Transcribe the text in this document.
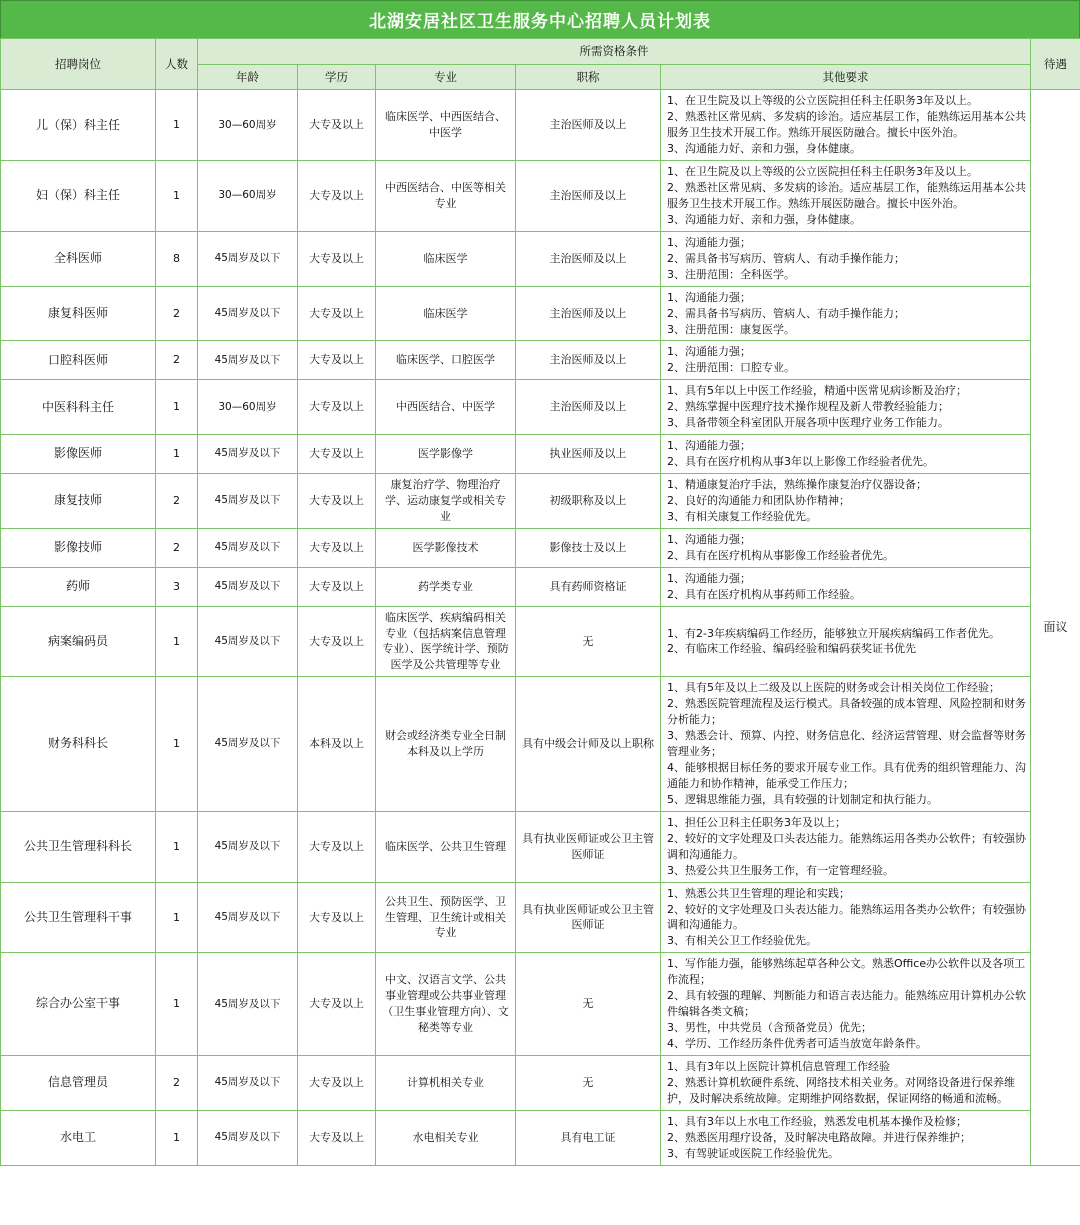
北湖安居社区卫生服务中心招聘人员计划表
招聘岗位	人数	所需资格条件					待遇
		年龄	学历	专业	职称	其他要求	
儿（保）科主任	1	30—60周岁	大专及以上	临床医学、中西医结合、中医学	主治医师及以上	1、在卫生院及以上等级的公立医院担任科主任职务3年及以上。
2、熟悉社区常见病、多发病的诊治。适应基层工作，能熟练运用基本公共服务卫生技术开展工作。熟练开展医防融合。擅长中医外治。
3、沟通能力好、亲和力强，身体健康。	面议
妇（保）科主任	1	30—60周岁	大专及以上	中西医结合、中医等相关专业	主治医师及以上	1、在卫生院及以上等级的公立医院担任科主任职务3年及以上。
2、熟悉社区常见病、多发病的诊治。适应基层工作，能熟练运用基本公共服务卫生技术开展工作。熟练开展医防融合。擅长中医外治。
3、沟通能力好、亲和力强，身体健康。	

全科医师	8	45周岁及以下	大专及以上	临床医学	主治医师及以上	1、沟通能力强；
2、需具备书写病历、管病人、有动手操作能力；
3、注册范围：全科医学。	

康复科医师	2	45周岁及以下	大专及以上	临床医学	主治医师及以上	1、沟通能力强；
2、需具备书写病历、管病人、有动手操作能力；
3、注册范围：康复医学。	

口腔科医师	2	45周岁及以下	大专及以上	临床医学、口腔医学	主治医师及以上	1、沟通能力强；
2、注册范围：口腔专业。	

中医科科主任	1	30—60周岁	大专及以上	中西医结合、中医学	主治医师及以上	1、具有5年以上中医工作经验，精通中医常见病诊断及治疗；
2、熟练掌握中医理疗技术操作规程及新人带教经验能力；
3、具备带领全科室团队开展各项中医理疗业务工作能力。	

影像医师	1	45周岁及以下	大专及以上	医学影像学	执业医师及以上	1、沟通能力强；
2、具有在医疗机构从事3年以上影像工作经验者优先。	

康复技师	2	45周岁及以下	大专及以上	康复治疗学、物理治疗学、运动康复学或相关专业	初级职称及以上	1、精通康复治疗手法，熟练操作康复治疗仪器设备；
2、良好的沟通能力和团队协作精神；
3、有相关康复工作经验优先。	

影像技师	2	45周岁及以下	大专及以上	医学影像技术	影像技士及以上	1、沟通能力强；
2、具有在医疗机构从事影像工作经验者优先。	

药师	3	45周岁及以下	大专及以上	药学类专业	具有药师资格证	1、沟通能力强；
2、具有在医疗机构从事药师工作经验。	

病案编码员	1	45周岁及以下	大专及以上	临床医学、疾病编码相关专业（包括病案信息管理专业）、医学统计学、预防医学及公共管理等专业	无	1、有2-3年疾病编码工作经历，能够独立开展疾病编码工作者优先。
2、有临床工作经验、编码经验和编码获奖证书优先	

财务科科长	1	45周岁及以下	本科及以上	财会或经济类专业全日制本科及以上学历	具有中级会计师及以上职称	1、具有5年及以上二级及以上医院的财务或会计相关岗位工作经验；
2、熟悉医院管理流程及运行模式。具备较强的成本管理、风险控制和财务分析能力；
3、熟悉会计、预算、内控、财务信息化、经济运营管理、财会监督等财务管理业务；
4、能够根据目标任务的要求开展专业工作。具有优秀的组织管理能力、沟通能力和协作精神，能承受工作压力；
5、逻辑思维能力强，具有较强的计划制定和执行能力。	

公共卫生管理科科长	1	45周岁及以下	大专及以上	临床医学、公共卫生管理	具有执业医师证或公卫主管医师证	1、担任公卫科主任职务3年及以上；
2、较好的文字处理及口头表达能力。能熟练运用各类办公软件；有较强协调和沟通能力。
3、热爱公共卫生服务工作，有一定管理经验。	

公共卫生管理科干事	1	45周岁及以下	大专及以上	公共卫生、预防医学、卫生管理、卫生统计或相关专业	具有执业医师证或公卫主管医师证	1、熟悉公共卫生管理的理论和实践；
2、较好的文字处理及口头表达能力。能熟练运用各类办公软件；有较强协调和沟通能力。
3、有相关公卫工作经验优先。	

综合办公室干事	1	45周岁及以下	大专及以上	中文、汉语言文学、公共事业管理或公共事业管理（卫生事业管理方向）、文秘类等专业	无	1、写作能力强，能够熟练起草各种公文。熟悉Office办公软件以及各项工作流程；
2、具有较强的理解、判断能力和语言表达能力。能熟练应用计算机办公软件编辑各类文稿；
3、男性，中共党员（含预备党员）优先；
4、学历、工作经历条件优秀者可适当放宽年龄条件。	

信息管理员	2	45周岁及以下	大专及以上	计算机相关专业	无	1、具有3年以上医院计算机信息管理工作经验
2、熟悉计算机软硬件系统、网络技术相关业务。对网络设备进行保养维护，及时解决系统故障。定期维护网络数据，保证网络的畅通和流畅。	

水电工	1	45周岁及以下	大专及以上	水电相关专业	具有电工证	1、具有3年以上水电工作经验，熟悉发电机基本操作及检修；
2、熟悉医用理疗设备，及时解决电路故障。并进行保养维护；
3、有驾驶证或医院工作经验优先。	
